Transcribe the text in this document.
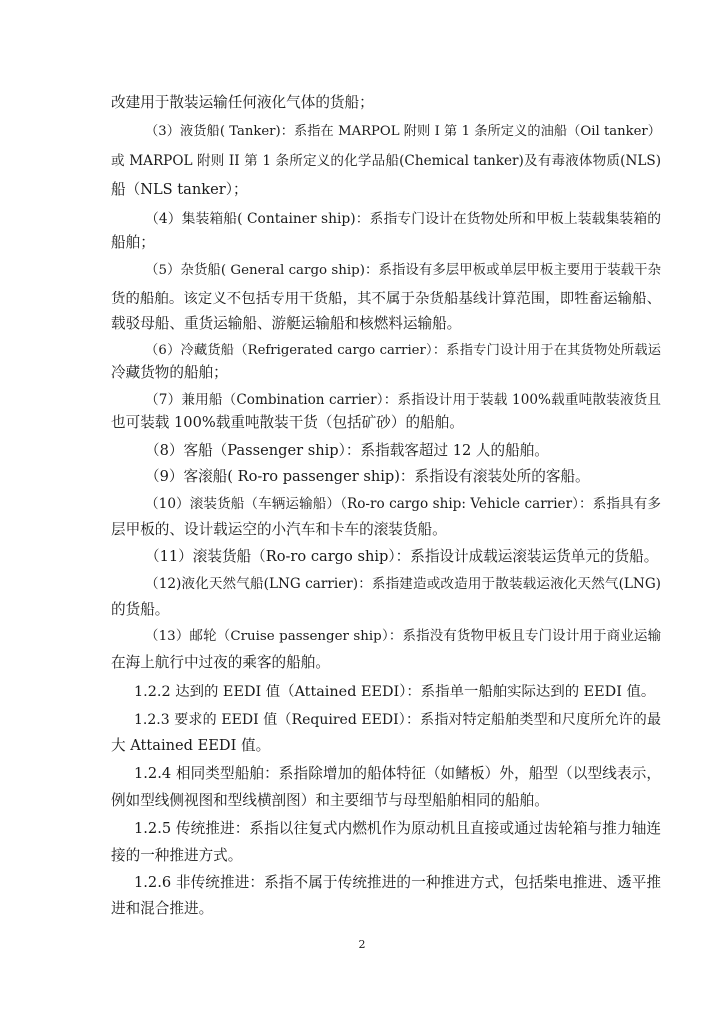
改建用于散装运输任何液化气体的货船；
（3）液货船( Tanker)：系指在 MARPOL 附则 I 第 1 条所定义的油船（Oil tanker）
或 MARPOL 附则 II 第 1 条所定义的化学品船(Chemical tanker)及有毒液体物质(NLS)
船（NLS tanker）；
（4）集装箱船( Container ship)：系指专门设计在货物处所和甲板上装载集装箱的
船舶；
（5）杂货船( General cargo ship)：系指设有多层甲板或单层甲板主要用于装载干杂
货的船舶。该定义不包括专用干货船，其不属于杂货船基线计算范围，即牲畜运输船、
载驳母船、重货运输船、游艇运输船和核燃料运输船。
（6）冷藏货船（Refrigerated cargo carrier）：系指专门设计用于在其货物处所载运
冷藏货物的船舶；
（7）兼用船（Combination carrier）：系指设计用于装载 100%载重吨散装液货且
也可装载 100%载重吨散装干货（包括矿砂）的船舶。
（8）客船（Passenger ship）：系指载客超过 12 人的船舶。
（9）客滚船( Ro-ro passenger ship)：系指设有滚装处所的客船。
（10）滚装货船（车辆运输船）（Ro-ro cargo ship: Vehicle carrier）：系指具有多
层甲板的、设计载运空的小汽车和卡车的滚装货船。
（11）滚装货船（Ro-ro cargo ship）：系指设计成载运滚装运货单元的货船。
（12)液化天然气船(LNG carrier)：系指建造或改造用于散装载运液化天然气(LNG)
的货船。
（13）邮轮（Cruise passenger ship）：系指没有货物甲板且专门设计用于商业运输
在海上航行中过夜的乘客的船舶。
1.2.2 达到的 EEDI 值（Attained EEDI）：系指单一船舶实际达到的 EEDI 值。
1.2.3 要求的 EEDI 值（Required EEDI）：系指对特定船舶类型和尺度所允许的最
大 Attained EEDI 值。
1.2.4 相同类型船舶：系指除增加的船体特征（如鳍板）外，船型（以型线表示，
例如型线侧视图和型线横剖图）和主要细节与母型船舶相同的船舶。
1.2.5 传统推进：系指以往复式内燃机作为原动机且直接或通过齿轮箱与推力轴连
接的一种推进方式。
1.2.6 非传统推进：系指不属于传统推进的一种推进方式，包括柴电推进、透平推
进和混合推进。
2
